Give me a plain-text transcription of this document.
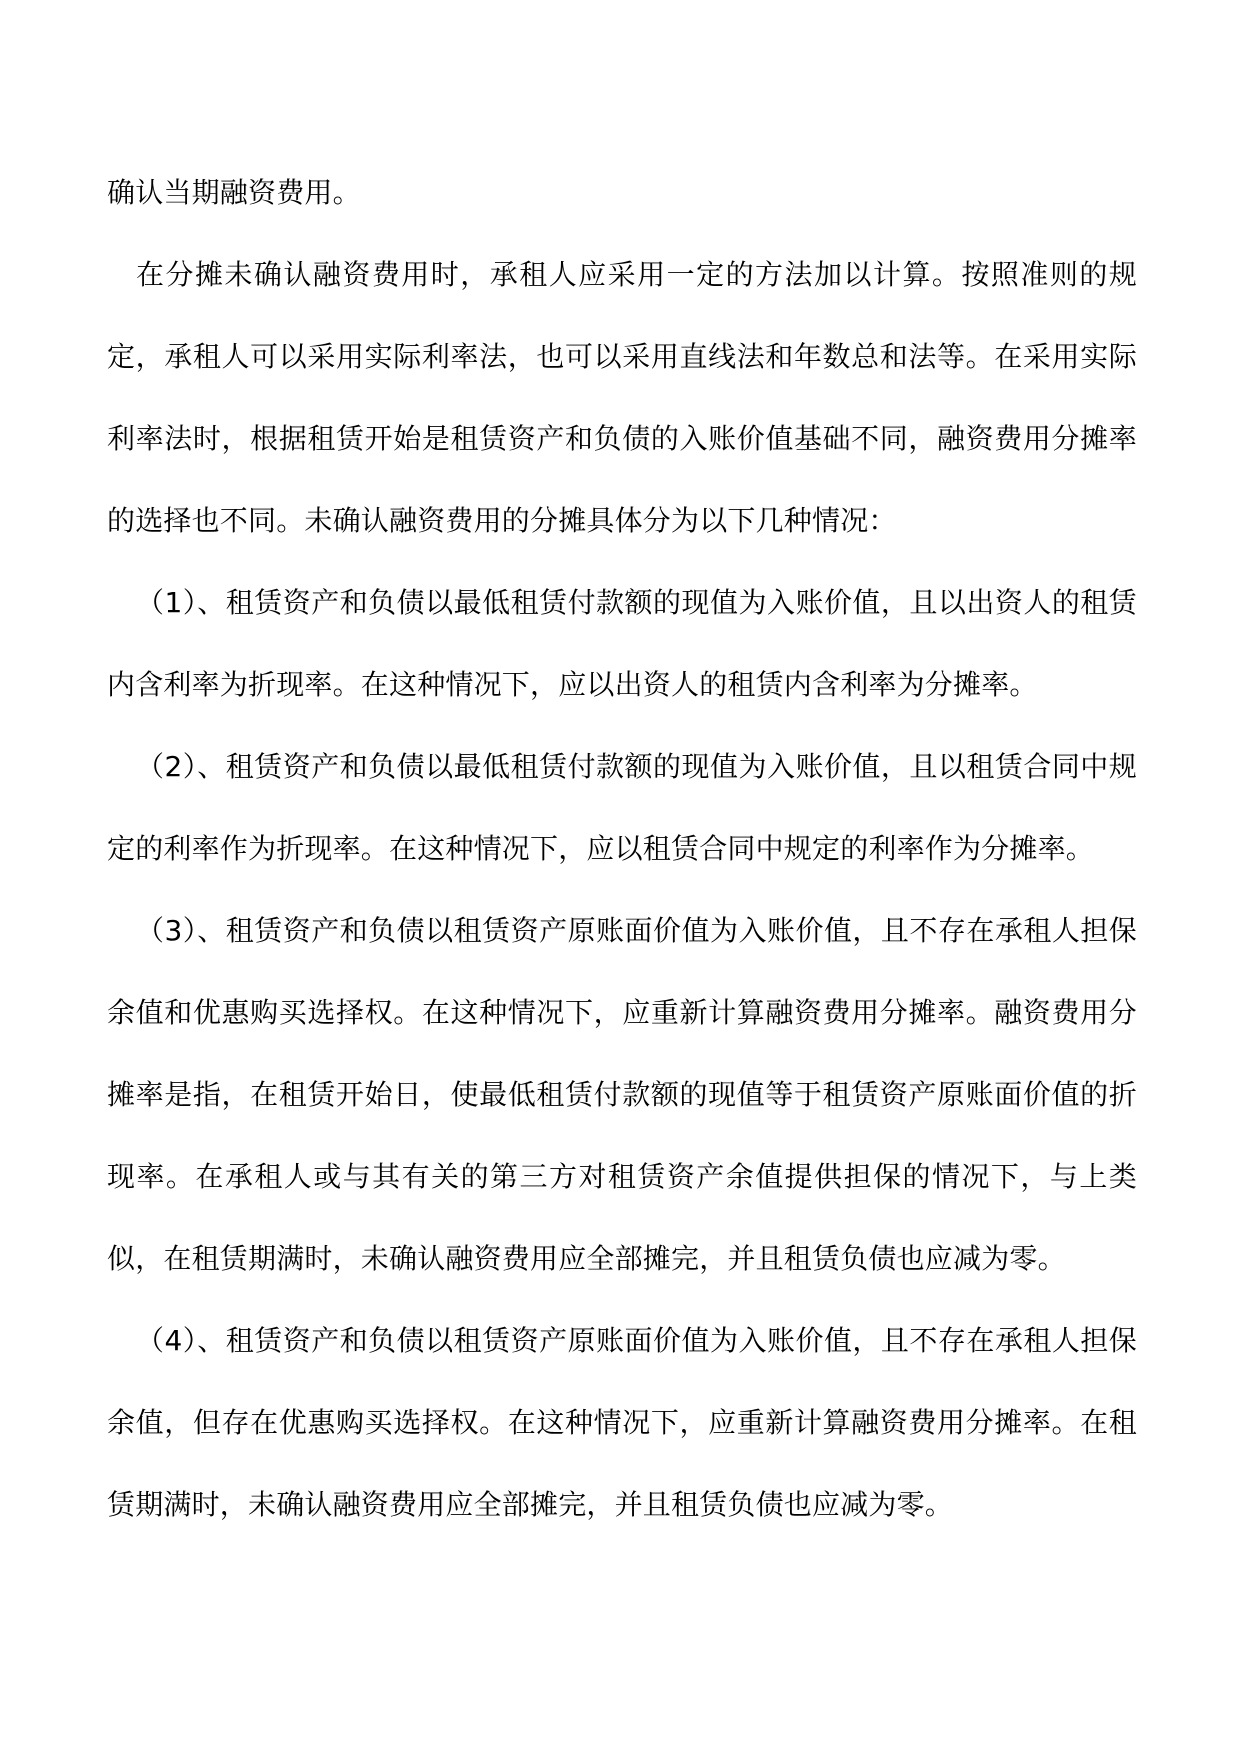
确认当期融资费用。

在分摊未确认融资费用时，承租人应采用一定的方法加以计算。按照准则的规定，承租人可以采用实际利率法，也可以采用直线法和年数总和法等。在采用实际利率法时，根据租赁开始是租赁资产和负债的入账价值基础不同，融资费用分摊率的选择也不同。未确认融资费用的分摊具体分为以下几种情况：

（1）、租赁资产和负债以最低租赁付款额的现值为入账价值，且以出资人的租赁内含利率为折现率。在这种情况下，应以出资人的租赁内含利率为分摊率。

（2）、租赁资产和负债以最低租赁付款额的现值为入账价值，且以租赁合同中规定的利率作为折现率。在这种情况下，应以租赁合同中规定的利率作为分摊率。

（3）、租赁资产和负债以租赁资产原账面价值为入账价值，且不存在承租人担保余值和优惠购买选择权。在这种情况下，应重新计算融资费用分摊率。融资费用分摊率是指，在租赁开始日，使最低租赁付款额的现值等于租赁资产原账面价值的折现率。在承租人或与其有关的第三方对租赁资产余值提供担保的情况下，与上类似，在租赁期满时，未确认融资费用应全部摊完，并且租赁负债也应减为零。

（4）、租赁资产和负债以租赁资产原账面价值为入账价值，且不存在承租人担保余值，但存在优惠购买选择权。在这种情况下，应重新计算融资费用分摊率。在租赁期满时，未确认融资费用应全部摊完，并且租赁负债也应减为零。
